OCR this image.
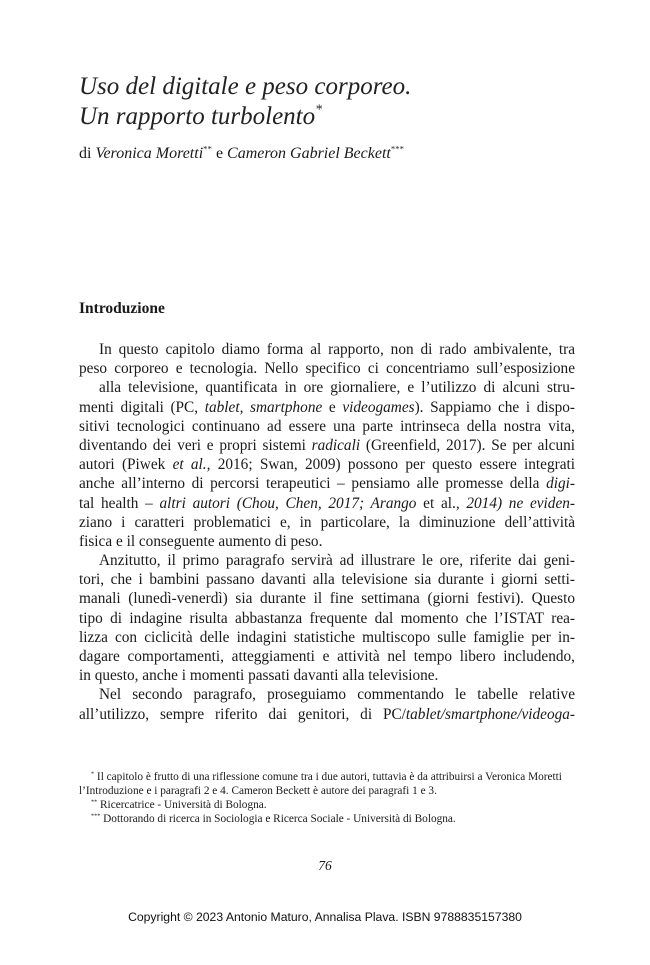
Uso del digitale e peso corporeo.
Un rapporto turbolento*
di Veronica Moretti** e Cameron Gabriel Beckett***
Introduzione
In questo capitolo diamo forma al rapporto, non di rado ambivalente, tra
peso corporeo e tecnologia. Nello specifico ci concentriamo sull’esposizione
alla televisione, quantificata in ore giornaliere, e l’utilizzo di alcuni stru-
menti digitali (PC, tablet, smartphone e videogames). Sappiamo che i dispo-
sitivi tecnologici continuano ad essere una parte intrinseca della nostra vita,
diventando dei veri e propri sistemi radicali (Greenfield, 2017). Se per alcuni
autori (Piwek et al., 2016; Swan, 2009) possono per questo essere integrati
anche all’interno di percorsi terapeutici – pensiamo alle promesse della digi-
tal health – altri autori (Chou, Chen, 2017; Arango et al., 2014) ne eviden-
ziano i caratteri problematici e, in particolare, la diminuzione dell’attività
fisica e il conseguente aumento di peso.
Anzitutto, il primo paragrafo servirà ad illustrare le ore, riferite dai geni-
tori, che i bambini passano davanti alla televisione sia durante i giorni setti-
manali (lunedì-venerdì) sia durante il fine settimana (giorni festivi). Questo
tipo di indagine risulta abbastanza frequente dal momento che l’ISTAT rea-
lizza con ciclicità delle indagini statistiche multiscopo sulle famiglie per in-
dagare comportamenti, atteggiamenti e attività nel tempo libero includendo,
in questo, anche i momenti passati davanti alla televisione.
Nel secondo paragrafo, proseguiamo commentando le tabelle relative
all’utilizzo, sempre riferito dai genitori, di PC/tablet/smartphone/videoga-
* Il capitolo è frutto di una riflessione comune tra i due autori, tuttavia è da attribuirsi a Veronica Moretti l’Introduzione e i paragrafi 2 e 4. Cameron Beckett è autore dei paragrafi 1 e 3.
** Ricercatrice - Università di Bologna.
*** Dottorando di ricerca in Sociologia e Ricerca Sociale - Università di Bologna.
76
Copyright © 2023 Antonio Maturo, Annalisa Plava. ISBN 9788835157380
